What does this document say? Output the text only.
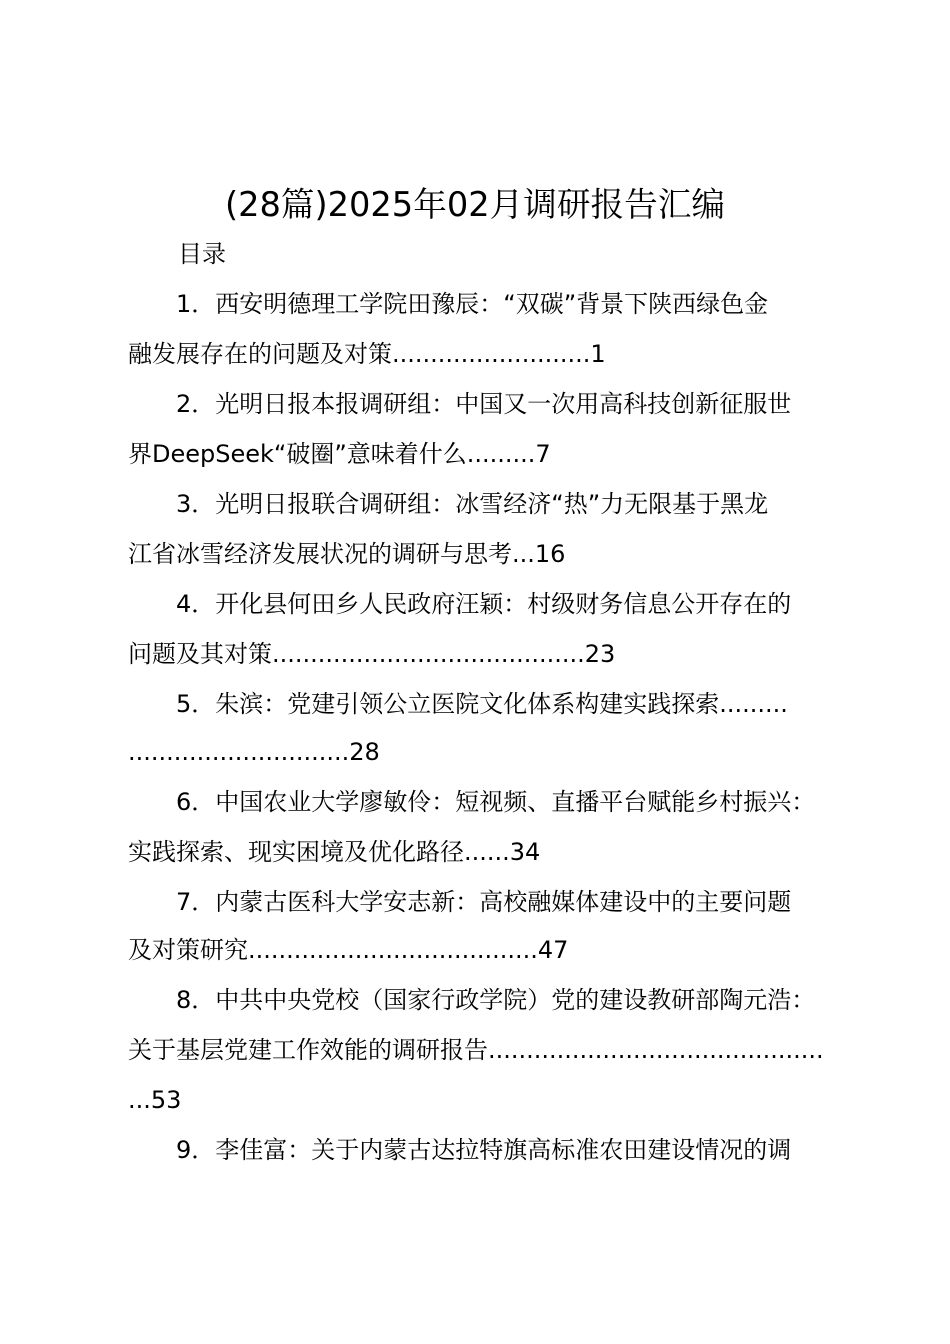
(28篇)2025年02月调研报告汇编
目录
1．西安明德理工学院田豫辰：“双碳”背景下陕西绿色金
融发展存在的问题及对策..........................1
2．光明日报本报调研组：中国又一次用高科技创新征服世
界DeepSeek“破圈”意味着什么.........7
3．光明日报联合调研组：冰雪经济“热”力无限基于黑龙
江省冰雪经济发展状况的调研与思考...16
4．开化县何田乡人民政府汪颖：村级财务信息公开存在的
问题及其对策.........................................23
5．朱滨：党建引领公立医院文化体系构建实践探索.........
.............................28
6．中国农业大学廖敏伶：短视频、直播平台赋能乡村振兴：
实践探索、现实困境及优化路径......34
7．内蒙古医科大学安志新：高校融媒体建设中的主要问题
及对策研究......................................47
8．中共中央党校（国家行政学院）党的建设教研部陶元浩：
关于基层党建工作效能的调研报告............................................
...53
9．李佳富：关于内蒙古达拉特旗高标准农田建设情况的调
